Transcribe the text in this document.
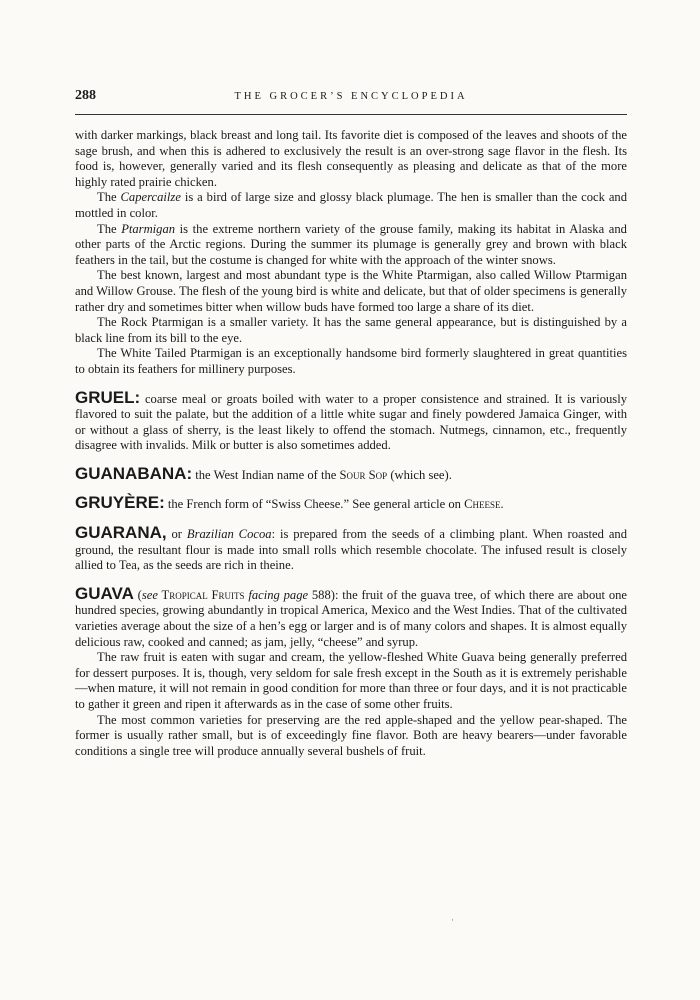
288	THE GROCER’S ENCYCLOPEDIA

with darker markings, black breast and long tail. Its favorite diet is composed of the leaves and shoots of the sage brush, and when this is adhered to exclusively the result is an over-strong sage flavor in the flesh. Its food is, however, generally varied and its flesh consequently as pleasing and delicate as that of the more highly rated prairie chicken.

The Capercailze is a bird of large size and glossy black plumage. The hen is smaller than the cock and mottled in color.

The Ptarmigan is the extreme northern variety of the grouse family, making its habitat in Alaska and other parts of the Arctic regions. During the summer its plumage is generally grey and brown with black feathers in the tail, but the costume is changed for white with the approach of the winter snows.

The best known, largest and most abundant type is the White Ptarmigan, also called Willow Ptarmigan and Willow Grouse. The flesh of the young bird is white and delicate, but that of older specimens is generally rather dry and sometimes bitter when willow buds have formed too large a share of its diet.

The Rock Ptarmigan is a smaller variety. It has the same general appearance, but is distinguished by a black line from its bill to the eye.

The White Tailed Ptarmigan is an exceptionally handsome bird formerly slaughtered in great quantities to obtain its feathers for millinery purposes.

GRUEL: coarse meal or groats boiled with water to a proper consistence and strained. It is variously flavored to suit the palate, but the addition of a little white sugar and finely powdered Jamaica Ginger, with or without a glass of sherry, is the least likely to offend the stomach. Nutmegs, cinnamon, etc., frequently disagree with invalids. Milk or butter is also sometimes added.

GUANABANA: the West Indian name of the Sour Sop (which see).

GRUYÈRE: the French form of “Swiss Cheese.” See general article on Cheese.

GUARANA, or Brazilian Cocoa: is prepared from the seeds of a climbing plant. When roasted and ground, the resultant flour is made into small rolls which resemble chocolate. The infused result is closely allied to Tea, as the seeds are rich in theine.

GUAVA (see Tropical Fruits facing page 588): the fruit of the guava tree, of which there are about one hundred species, growing abundantly in tropical America, Mexico and the West Indies. That of the cultivated varieties average about the size of a hen’s egg or larger and is of many colors and shapes. It is almost equally delicious raw, cooked and canned; as jam, jelly, “cheese” and syrup.

The raw fruit is eaten with sugar and cream, the yellow-fleshed White Guava being generally preferred for dessert purposes. It is, though, very seldom for sale fresh except in the South as it is extremely perishable—when mature, it will not remain in good condition for more than three or four days, and it is not practicable to gather it green and ripen it afterwards as in the case of some other fruits.

The most common varieties for preserving are the red apple-shaped and the yellow pear-shaped. The former is usually rather small, but is of exceedingly fine flavor. Both are heavy bearers—under favorable conditions a single tree will produce annually several bushels of fruit.

·
